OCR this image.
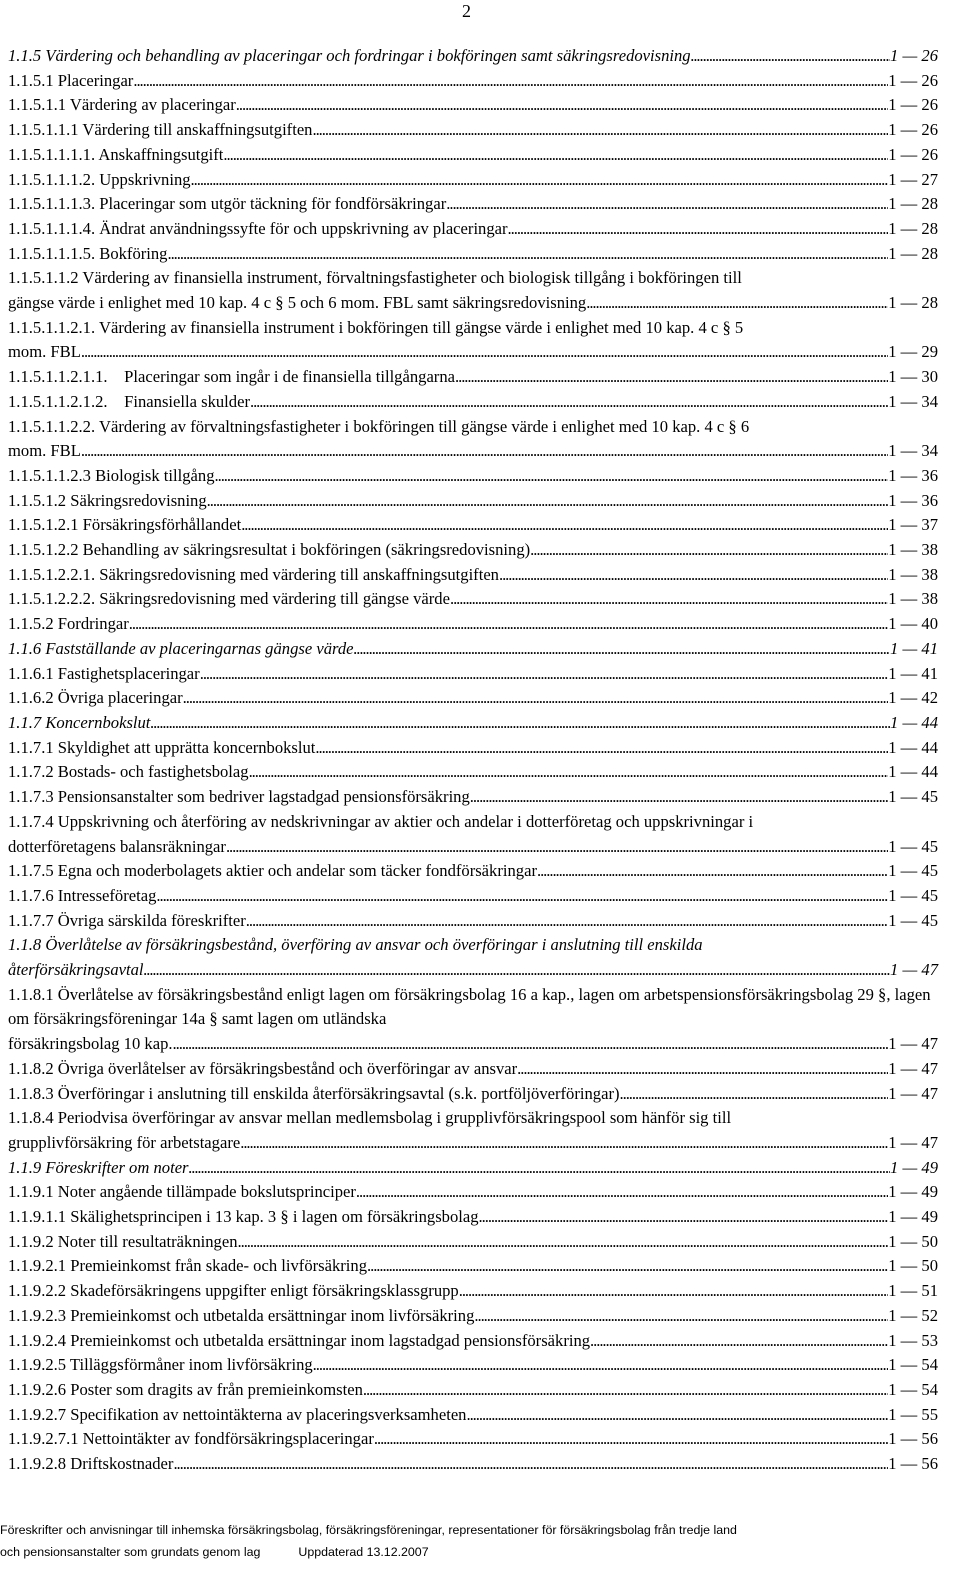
2
1.1.5 Värdering och behandling av placeringar och fordringar i bokföringen samt säkringsredovisning . . .	1 — 26
1.1.5.1 Placeringar . . .	1 — 26
1.1.5.1.1 Värdering av placeringar . . .	1 — 26
1.1.5.1.1.1 Värdering till anskaffningsutgiften . . .	1 — 26
1.1.5.1.1.1.1. Anskaffningsutgift . . .	1 — 26
1.1.5.1.1.1.2. Uppskrivning . . .	1 — 27
1.1.5.1.1.1.3. Placeringar som utgör täckning för fondförsäkringar . . .	1 — 28
1.1.5.1.1.1.4. Ändrat användningssyfte för och uppskrivning av placeringar . . .	1 — 28
1.1.5.1.1.1.5. Bokföring . . .	1 — 28
1.1.5.1.1.2 Värdering av finansiella instrument, förvaltningsfastigheter och biologisk tillgång i bokföringen till
gängse värde i enlighet med 10 kap. 4 c § 5 och 6 mom. FBL samt säkringsredovisning . . .	1 — 28
1.1.5.1.1.2.1. Värdering av finansiella instrument i bokföringen till gängse värde i enlighet med 10 kap. 4 c § 5
mom. FBL . . .	1 — 29
1.1.5.1.1.2.1.1.    Placeringar som ingår i de finansiella tillgångarna . . .	1 — 30
1.1.5.1.1.2.1.2.    Finansiella skulder . . .	1 — 34
1.1.5.1.1.2.2. Värdering av förvaltningsfastigheter i bokföringen till gängse värde i enlighet med 10 kap. 4 c § 6
mom. FBL . . .	1 — 34
1.1.5.1.1.2.3 Biologisk tillgång . . .	1 — 36
1.1.5.1.2 Säkringsredovisning . . .	1 — 36
1.1.5.1.2.1 Försäkringsförhållandet . . .	1 — 37
1.1.5.1.2.2 Behandling av säkringsresultat i bokföringen (säkringsredovisning) . . .	1 — 38
1.1.5.1.2.2.1. Säkringsredovisning med värdering till anskaffningsutgiften . . .	1 — 38
1.1.5.1.2.2.2. Säkringsredovisning med värdering till gängse värde . . .	1 — 38
1.1.5.2 Fordringar . . .	1 — 40
1.1.6 Fastställande av placeringarnas gängse värde . . .	1 — 41
1.1.6.1 Fastighetsplaceringar . . .	1 — 41
1.1.6.2 Övriga placeringar . . .	1 — 42
1.1.7 Koncernbokslut . . .	1 — 44
1.1.7.1 Skyldighet att upprätta koncernbokslut . . .	1 — 44
1.1.7.2 Bostads- och fastighetsbolag . . .	1 — 44
1.1.7.3 Pensionsanstalter som bedriver lagstadgad pensionsförsäkring . . .	1 — 45
1.1.7.4 Uppskrivning och återföring av nedskrivningar av aktier och andelar i dotterföretag och uppskrivningar i
dotterföretagens balansräkningar . . .	1 — 45
1.1.7.5 Egna och moderbolagets aktier och andelar som täcker fondförsäkringar . . .	1 — 45
1.1.7.6 Intresseföretag . . .	1 — 45
1.1.7.7 Övriga särskilda föreskrifter . . .	1 — 45
1.1.8 Överlåtelse av försäkringsbestånd, överföring av ansvar och överföringar i anslutning till enskilda
återförsäkringsavtal . . .	1 — 47
1.1.8.1 Överlåtelse av försäkringsbestånd enligt lagen om försäkringsbolag 16 a kap., lagen om arbetspensionsförsäkringsbolag 29 §, lagen om försäkringsföreningar 14a § samt lagen om utländska
försäkringsbolag 10 kap. . . .	1 — 47
1.1.8.2 Övriga överlåtelser av försäkringsbestånd och överföringar av ansvar . . .	1 — 47
1.1.8.3 Överföringar i anslutning till enskilda återförsäkringsavtal (s.k. portföljöverföringar) . . .	1 — 47
1.1.8.4 Periodvisa överföringar av ansvar mellan medlemsbolag i grupplivförsäkringspool som hänför sig till
grupplivförsäkring för arbetstagare . . .	1 — 47
1.1.9 Föreskrifter om noter . . .	1 — 49
1.1.9.1 Noter angående tillämpade bokslutsprinciper . . .	1 — 49
1.1.9.1.1 Skälighetsprincipen i 13 kap. 3 § i lagen om försäkringsbolag . . .	1 — 49
1.1.9.2 Noter till resultaträkningen . . .	1 — 50
1.1.9.2.1 Premieinkomst från skade- och livförsäkring . . .	1 — 50
1.1.9.2.2 Skadeförsäkringens uppgifter enligt försäkringsklassgrupp . . .	1 — 51
1.1.9.2.3 Premieinkomst och utbetalda ersättningar inom livförsäkring . . .	1 — 52
1.1.9.2.4 Premieinkomst och utbetalda ersättningar inom lagstadgad pensionsförsäkring . . .	1 — 53
1.1.9.2.5 Tilläggsförmåner inom livförsäkring . . .	1 — 54
1.1.9.2.6 Poster som dragits av från premieinkomsten . . .	1 — 54
1.1.9.2.7 Specifikation av nettointäkterna av placeringsverksamheten . . .	1 — 55
1.1.9.2.7.1 Nettointäkter av fondförsäkringsplaceringar . . .	1 — 56
1.1.9.2.8 Driftskostnader . . .	1 — 56
Föreskrifter och anvisningar till inhemska försäkringsbolag, försäkringsföreningar, representationer för försäkringsbolag från tredje land
och pensionsanstalter som grundats genom lag	Uppdaterad 13.12.2007
